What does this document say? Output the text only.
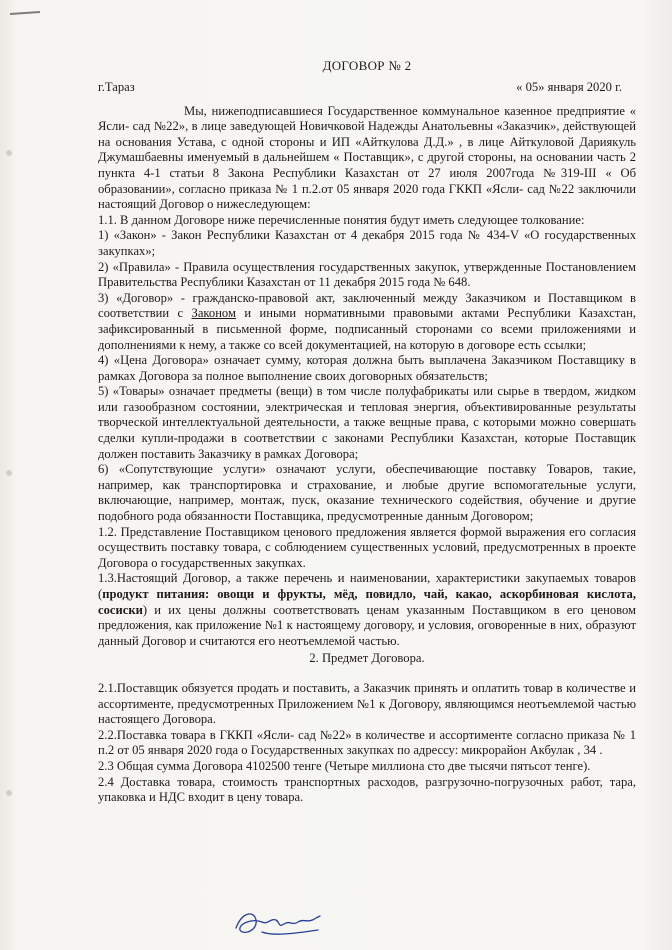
ДОГОВОР № 2
г.Тараз	« 05» января 2020 г.

Мы, нижеподписавшиеся Государственное коммунальное казенное предприятие « Ясли- сад №22», в лице заведующей Новичковой Надежды Анатольевны «Заказчик», действующей на основания Устава, с одной стороны и ИП «Айткулова Д.Д.» , в лице Айткуловой Дариякуль Джумашбаевны именуемый в дальнейшем « Поставщик», с другой стороны, на основании часть 2 пункта 4-1 статьи 8 Закона Республики Казахстан от 27 июля 2007года №319-III « Об образовании», согласно приказа № 1 п.2.от 05 января 2020 года ГККП «Ясли- сад №22 заключили настоящий Договор о нижеследующем:

1.1. В данном Договоре ниже перечисленные понятия будут иметь следующее толкование:

1) «Закон» - Закон Республики Казахстан от 4 декабря 2015 года № 434-V «О государственных закупках»;

2) «Правила» - Правила осуществления государственных закупок, утвержденные Постановлением Правительства Республики Казахстан от 11 декабря 2015 года № 648.

3) «Договор» - гражданско-правовой акт, заключенный между Заказчиком и Поставщиком в соответствии с Законом и иными нормативными правовыми актами Республики Казахстан, зафиксированный в письменной форме, подписанный сторонами со всеми приложениями и дополнениями к нему, а также со всей документацией, на которую в договоре есть ссылки;

4) «Цена Договора» означает сумму, которая должна быть выплачена Заказчиком Поставщику в рамках Договора за полное выполнение своих договорных обязательств;

5) «Товары» означает предметы (вещи) в том числе полуфабрикаты или сырье в твердом, жидком или газообразном состоянии, электрическая и тепловая энергия, объективированные результаты творческой интеллектуальной деятельности, а также вещные права, с которыми можно совершать сделки купли-продажи в соответствии с законами Республики Казахстан, которые Поставщик должен поставить Заказчику в рамках Договора;

6) «Сопутствующие услуги» означают услуги, обеспечивающие поставку Товаров, такие, например, как транспортировка и страхование, и любые другие вспомогательные услуги, включающие, например, монтаж, пуск, оказание технического содействия, обучение и другие подобного рода обязанности Поставщика, предусмотренные данным Договором;

1.2. Представление Поставщиком ценового предложения является формой выражения его согласия осуществить поставку товара, с соблюдением существенных условий, предусмотренных в проекте Договора о государственных закупках.

1.3.Настоящий Договор, а также перечень и наименовании, характеристики закупаемых товаров (продукт питания: овощи и фрукты, мёд, повидло, чай, какао, аскорбиновая кислота, сосиски) и их цены должны соответствовать ценам указанным Поставщиком в его ценовом предложения, как приложение №1 к настоящему договору, и условия, оговоренные в них, образуют данный Договор и считаются его неотъемлемой частью.

2. Предмет Договора.

2.1.Поставщик обязуется продать и поставить, а Заказчик принять и оплатить товар в количестве и ассортименте, предусмотренных Приложением №1 к Договору, являющимся неотъемлемой частью настоящего Договора.

2.2.Поставка товара в ГККП «Ясли- сад №22» в количестве и ассортименте согласно приказа № 1 п.2 от 05 января 2020 года о Государственных закупках по адрессу: микрорайон Акбулак , 34 .

2.3 Общая сумма Договора 4102500 тенге (Четыре миллиона сто две тысячи пятьсот тенге).

2.4 Доставка товара, стоимость транспортных расходов, разгрузочно-погрузочных работ, тара, упаковка и НДС входит в цену товара.
